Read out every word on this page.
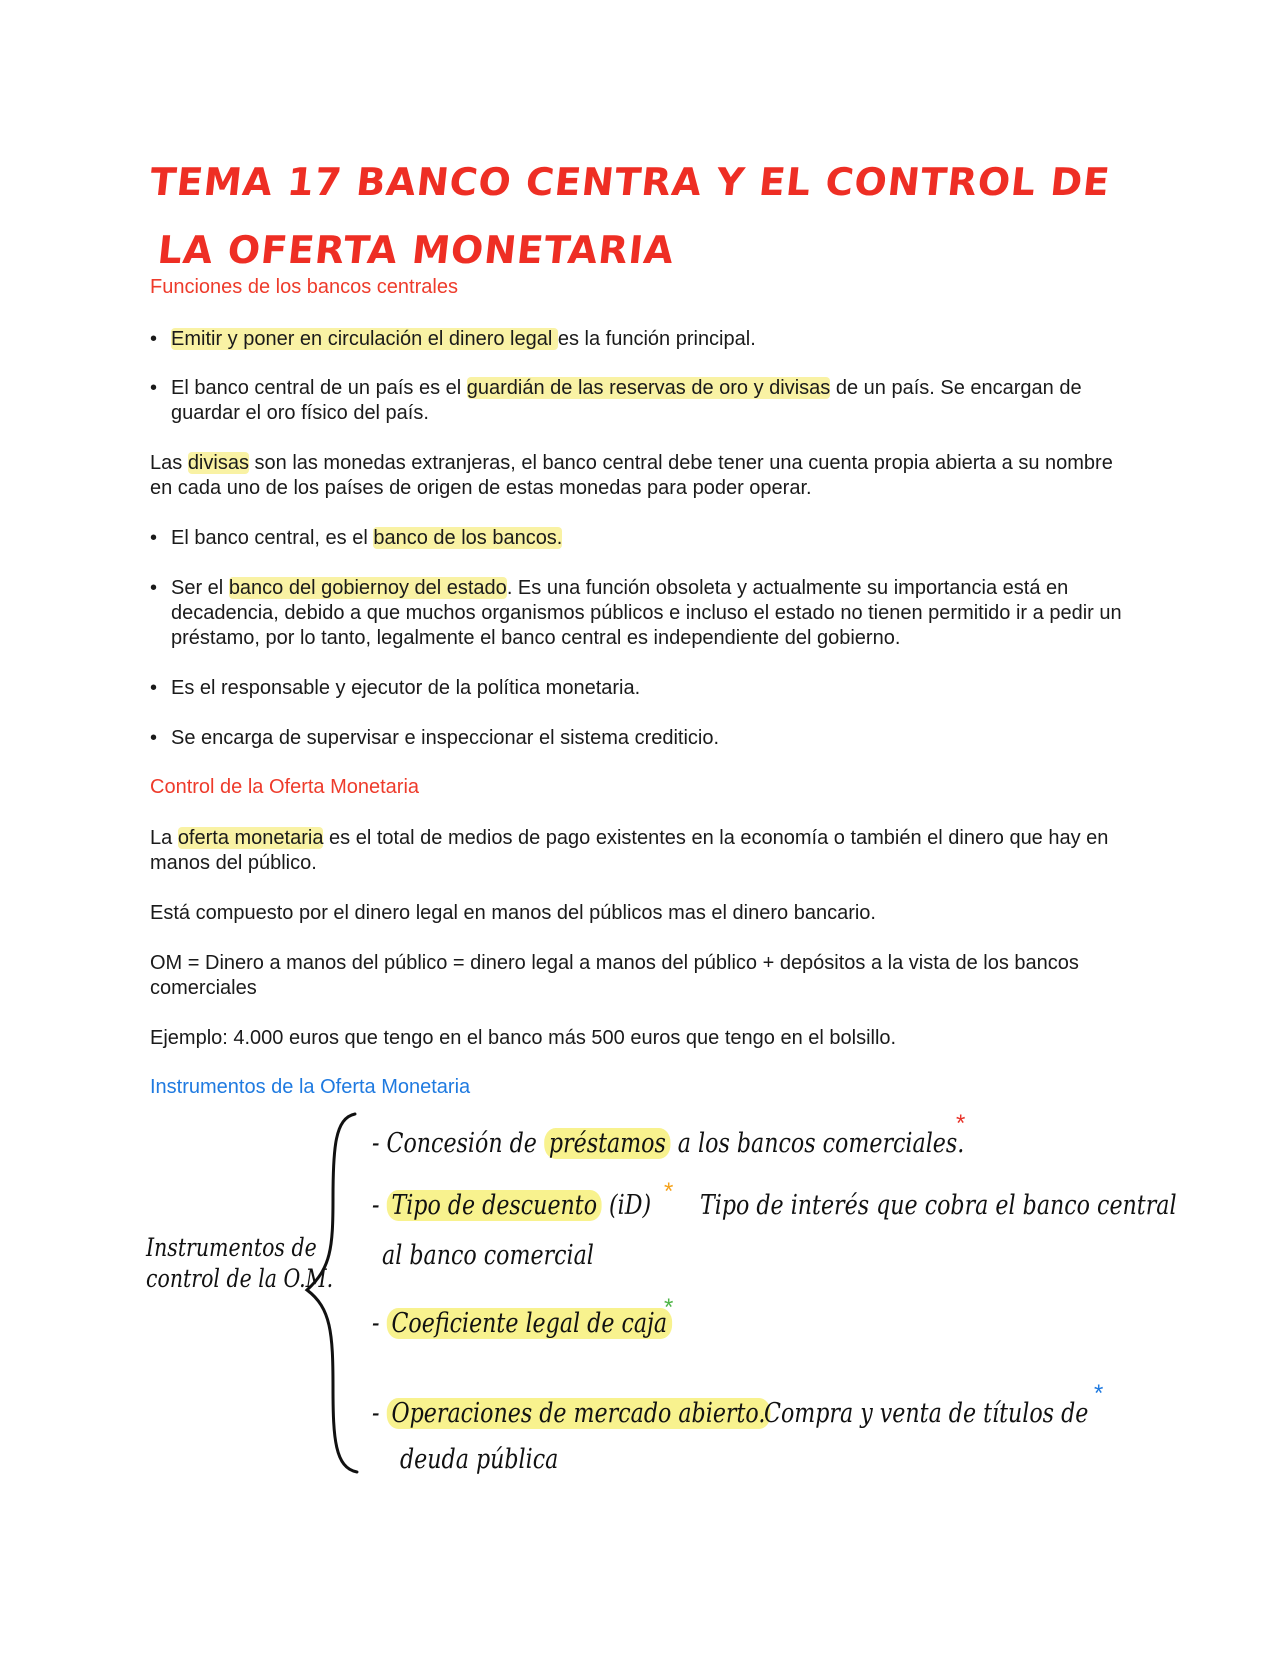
TEMA 17 BANCO CENTRA Y EL CONTROL DE
LA OFERTA MONETARIA
Funciones de los bancos centrales
• Emitir y poner en circulación el dinero legal es la función principal.
• El banco central de un país es el guardián de las reservas de oro y divisas de un país. Se encargan de guardar el oro físico del país.

Las divisas son las monedas extranjeras, el banco central debe tener una cuenta propia abierta a su nombre en cada uno de los países de origen de estas monedas para poder operar.

• El banco central, es el banco de los bancos.
• Ser el banco del gobiernoy del estado. Es una función obsoleta y actualmente su importancia está en decadencia, debido a que muchos organismos públicos e incluso el estado no tienen permitido ir a pedir un préstamo, por lo tanto, legalmente el banco central es independiente del gobierno.
• Es el responsable y ejecutor de la política monetaria.
• Se encarga de supervisar e inspeccionar el sistema crediticio.
Control de la Oferta Monetaria

La oferta monetaria es el total de medios de pago existentes en la economía o también el dinero que hay en manos del público.

Está compuesto por el dinero legal en manos del públicos mas el dinero bancario.

OM = Dinero a manos del público = dinero legal a manos del público + depósitos a la vista de los bancos comerciales

Ejemplo: 4.000 euros que tengo en el banco más 500 euros que tengo en el bolsillo.

Instrumentos de la Oferta Monetaria
Instrumentos de
control de la O.M.
- Concesión de préstamos a los bancos comerciales.
*
- Tipo de descuento (iD) * Tipo de interés que cobra el banco central
al banco comercial
- Coeficiente legal de caja
*
- Operaciones de mercado abierto.
Compra y venta de títulos de
*
deuda pública
